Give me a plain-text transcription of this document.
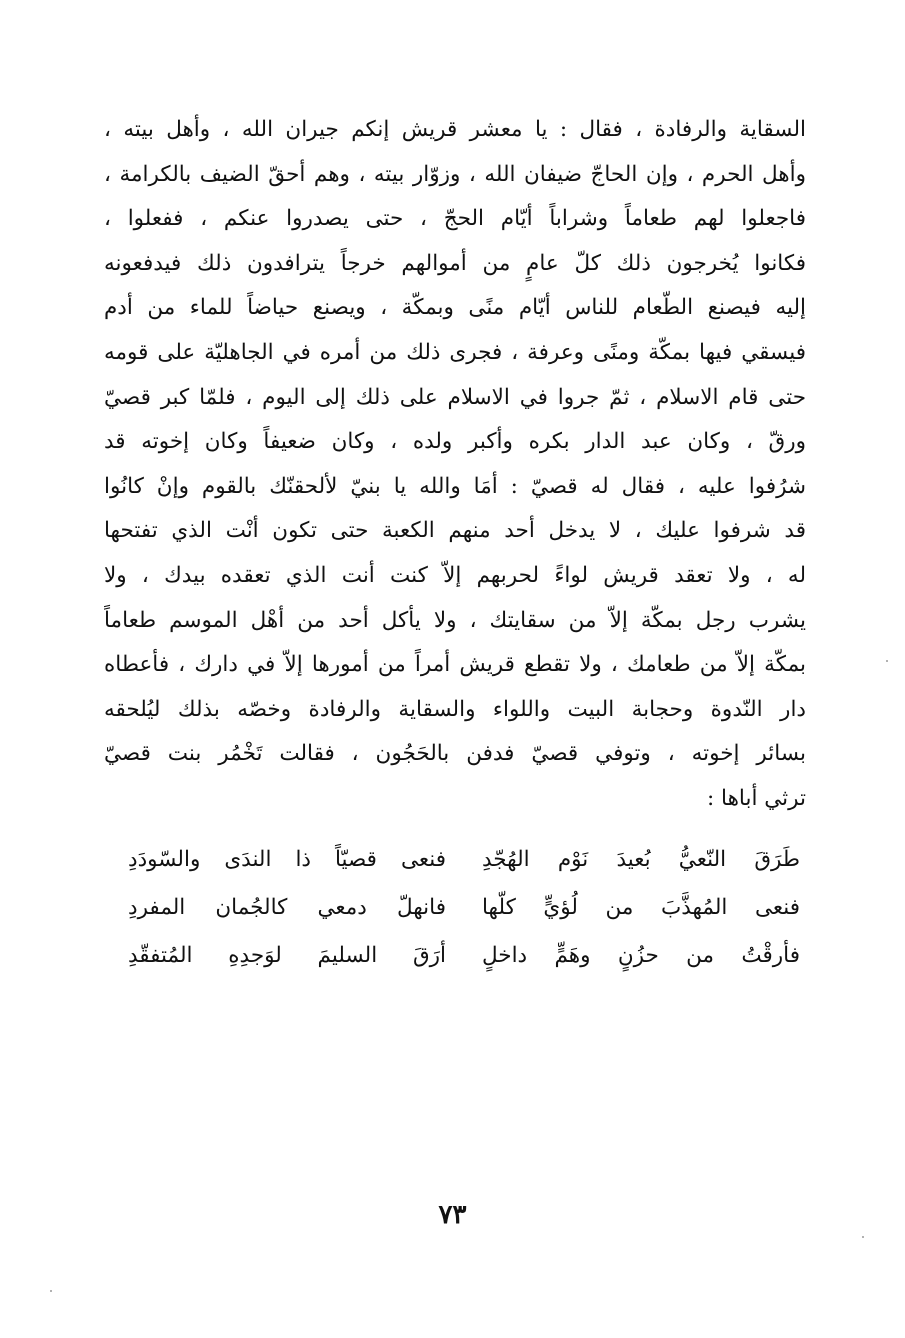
السقاية والرفادة ، فقال : يا معشر قريش إنكم جيران الله ، وأهل بيته ،
وأهل الحرم ، وإن الحاجّ ضيفان الله ، وزوّار بيته ، وهم أحقّ الضيف بالكرامة ،
فاجعلوا لهم طعاماً وشراباً أيّام الحجّ ، حتى يصدروا عنكم ، ففعلوا ،
فكانوا يُخرجون ذلك كلّ عامٍ من أموالهم خرجاً يترافدون ذلك فيدفعونه
إليه فيصنع الطّعام للناس أيّام منًى وبمكّة ، ويصنع حياضاً للماء من أدم
فيسقي فيها بمكّة ومنًى وعرفة ، فجرى ذلك من أمره في الجاهليّة على قومه
حتى قام الاسلام ، ثمّ جروا في الاسلام على ذلك إلى اليوم ، فلمّا كبر قصيّ
ورقّ ، وكان عبد الدار بكره وأكبر ولده ، وكان ضعيفاً وكان إخوته قد
شرُفوا عليه ، فقال له قصيّ : أمَا والله يا بنيّ لألحقنّك بالقوم وإنْ كانُوا
قد شرفوا عليك ، لا يدخل أحد منهم الكعبة حتى تكون أنْت الذي تفتحها
له ، ولا تعقد قريش لواءً لحربهم إلاّ كنت أنت الذي تعقده بيدك ، ولا
يشرب رجل بمكّة إلاّ من سقايتك ، ولا يأكل أحد من أهْل الموسم طعاماً
بمكّة إلاّ من طعامك ، ولا تقطع قريش أمراً من أمورها إلاّ في دارك ، فأعطاه
دار النّدوة وحجابة البيت واللواء والسقاية والرفادة وخصّه بذلك ليُلحقه
بسائر إخوته ، وتوفي قصيّ فدفن بالحَجُون ، فقالت تَخْمُر بنت قصيّ
ترثي أباها :
طَرَقَ النّعيُّ بُعيدَ نَوْم الهُجّدِ
فنعى قصيّاً ذا الندَى والسّودَدِ
فنعى المُهذَّبَ من لُؤيٍّ كلّها
فانهلّ دمعي كالجُمان المفردِ
فأرقْتُ من حزُنٍ وهَمٍّ داخلٍ
أرَقَ السليمَ لوَجدِهِ المُتفقّدِ
٧٣
